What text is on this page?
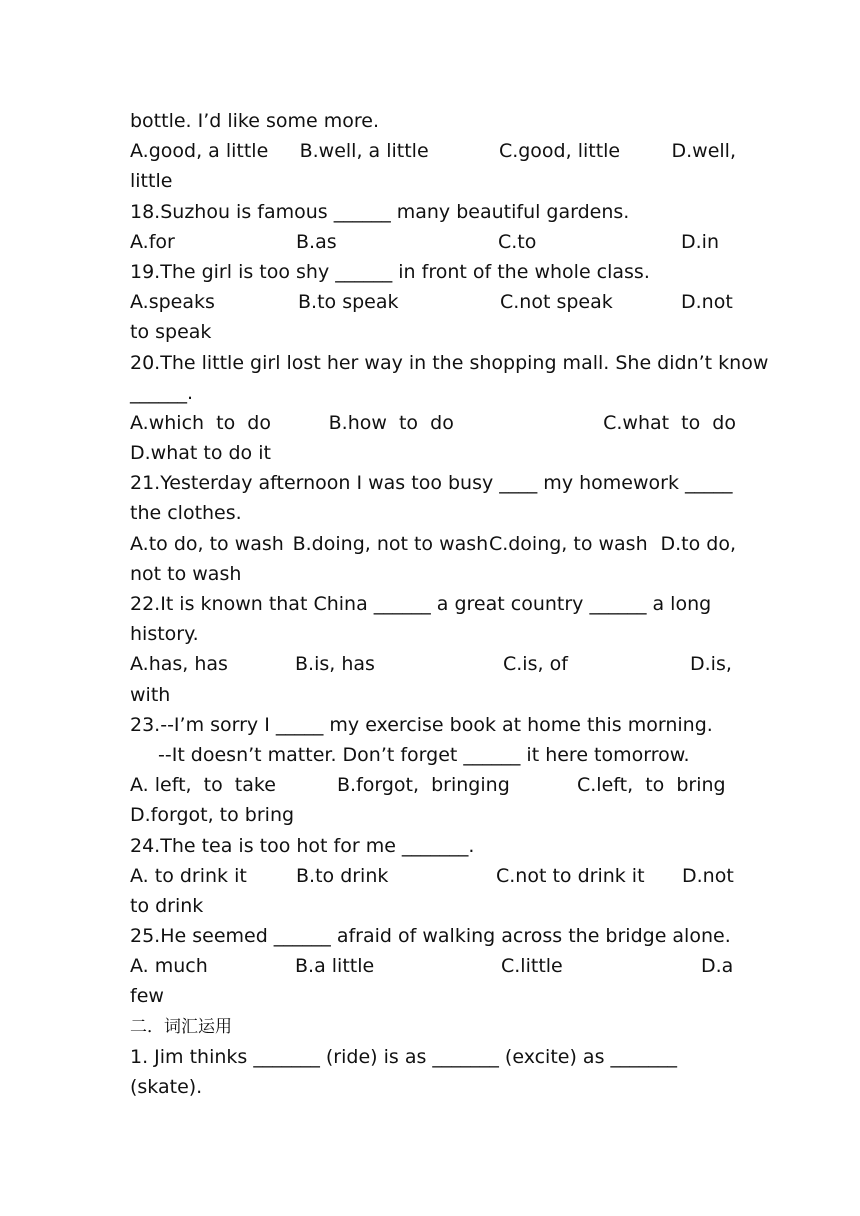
bottle. I’d like some more.
A.good, a little	B.well, a little	C.good, little	D.well,
little
18.Suzhou is famous ______ many beautiful gardens.
A.for	B.as	C.to	D.in
19.The girl is too shy ______ in front of the whole class.
A.speaks	B.to speak	C.not speak	D.not
to speak
20.The little girl lost her way in the shopping mall. She didn’t know
______.
A.which  to  do	B.how  to  do	C.what  to  do
D.what to do it
21.Yesterday afternoon I was too busy ____ my homework _____
the clothes.
A.to do, to wash B.doing, not to wash C.doing, to wash D.to do,
not to wash
22.It is known that China ______ a great country ______ a long
history.
A.has, has	B.is, has	C.is, of	D.is,
with
23.--I’m sorry I _____ my exercise book at home this morning.
--It doesn’t matter. Don’t forget ______ it here tomorrow.
A. left,  to  take	B.forgot,  bringing	C.left,  to  bring
D.forgot, to bring
24.The tea is too hot for me _______.
A. to drink it	B.to drink	C.not to drink it	D.not
to drink
25.He seemed ______ afraid of walking across the bridge alone.
A. much	B.a little	C.little	D.a
few
二．词汇运用
1. Jim thinks _______ (ride) is as _______ (excite) as _______
(skate).
